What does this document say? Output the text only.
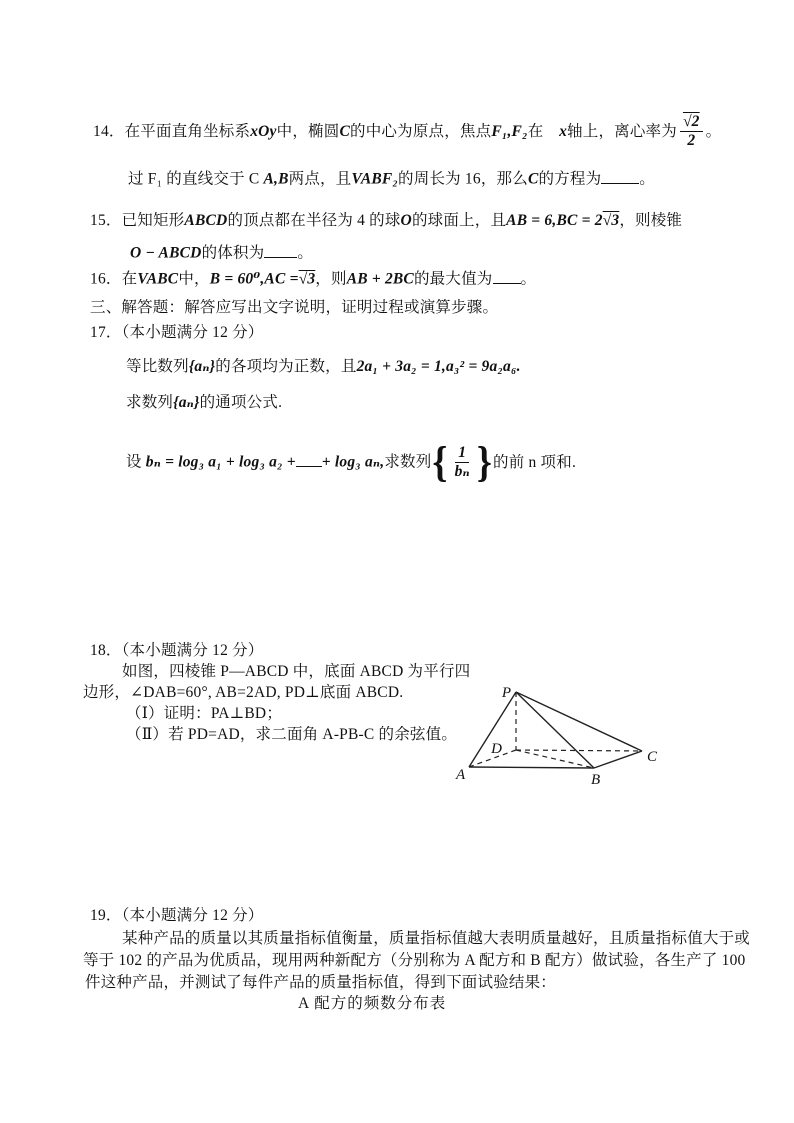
14．在平面直角坐标系xOy中，椭圆C的中心为原点，焦点F₁,F₂在　x轴上，离心率为 $\frac{√2}{2}$ 。
过 F₁ 的直线交于 C A,B两点，且VABF₂的周长为 16，那么C的方程为 。
15．已知矩形ABCD的顶点都在半径为 4 的球O的球面上，且AB = 6,BC = 2√3，则棱锥
O − ABCD的体积为 。
16．在VABC中，B = 60⁰,AC =√3，则AB + 2BC的最大值为 。
三、解答题：解答应写出文字说明，证明过程或演算步骤。
17．（本小题满分 12 分）
等比数列{aₙ}的各项均为正数，且2a₁ + 3a₂ = 1,a₃² = 9a₂a₆.
求数列{aₙ}的通项公式.
设 bₙ = log₃ a₁ + log₃ a₂ + + log₃ aₙ,求数列 { $\frac{1}{\text{bₙ}}$ } 的前 n 项和.
18．（本小题满分 12 分）
如图，四棱锥 P—ABCD 中，底面 ABCD 为平行四
边形，∠DAB=60°, AB=2AD, PD⊥底面 ABCD.
（Ⅰ）证明：PA⊥BD；
（Ⅱ）若 PD=AD，求二面角 A-PB-C 的余弦值。
P
A	B
C
D
19．（本小题满分 12 分）
某种产品的质量以其质量指标值衡量，质量指标值越大表明质量越好，且质量指标值大于或
等于 102 的产品为优质品，现用两种新配方（分别称为 A 配方和 B 配方）做试验，各生产了 100
件这种产品，并测试了每件产品的质量指标值，得到下面试验结果：
A 配方的频数分布表
